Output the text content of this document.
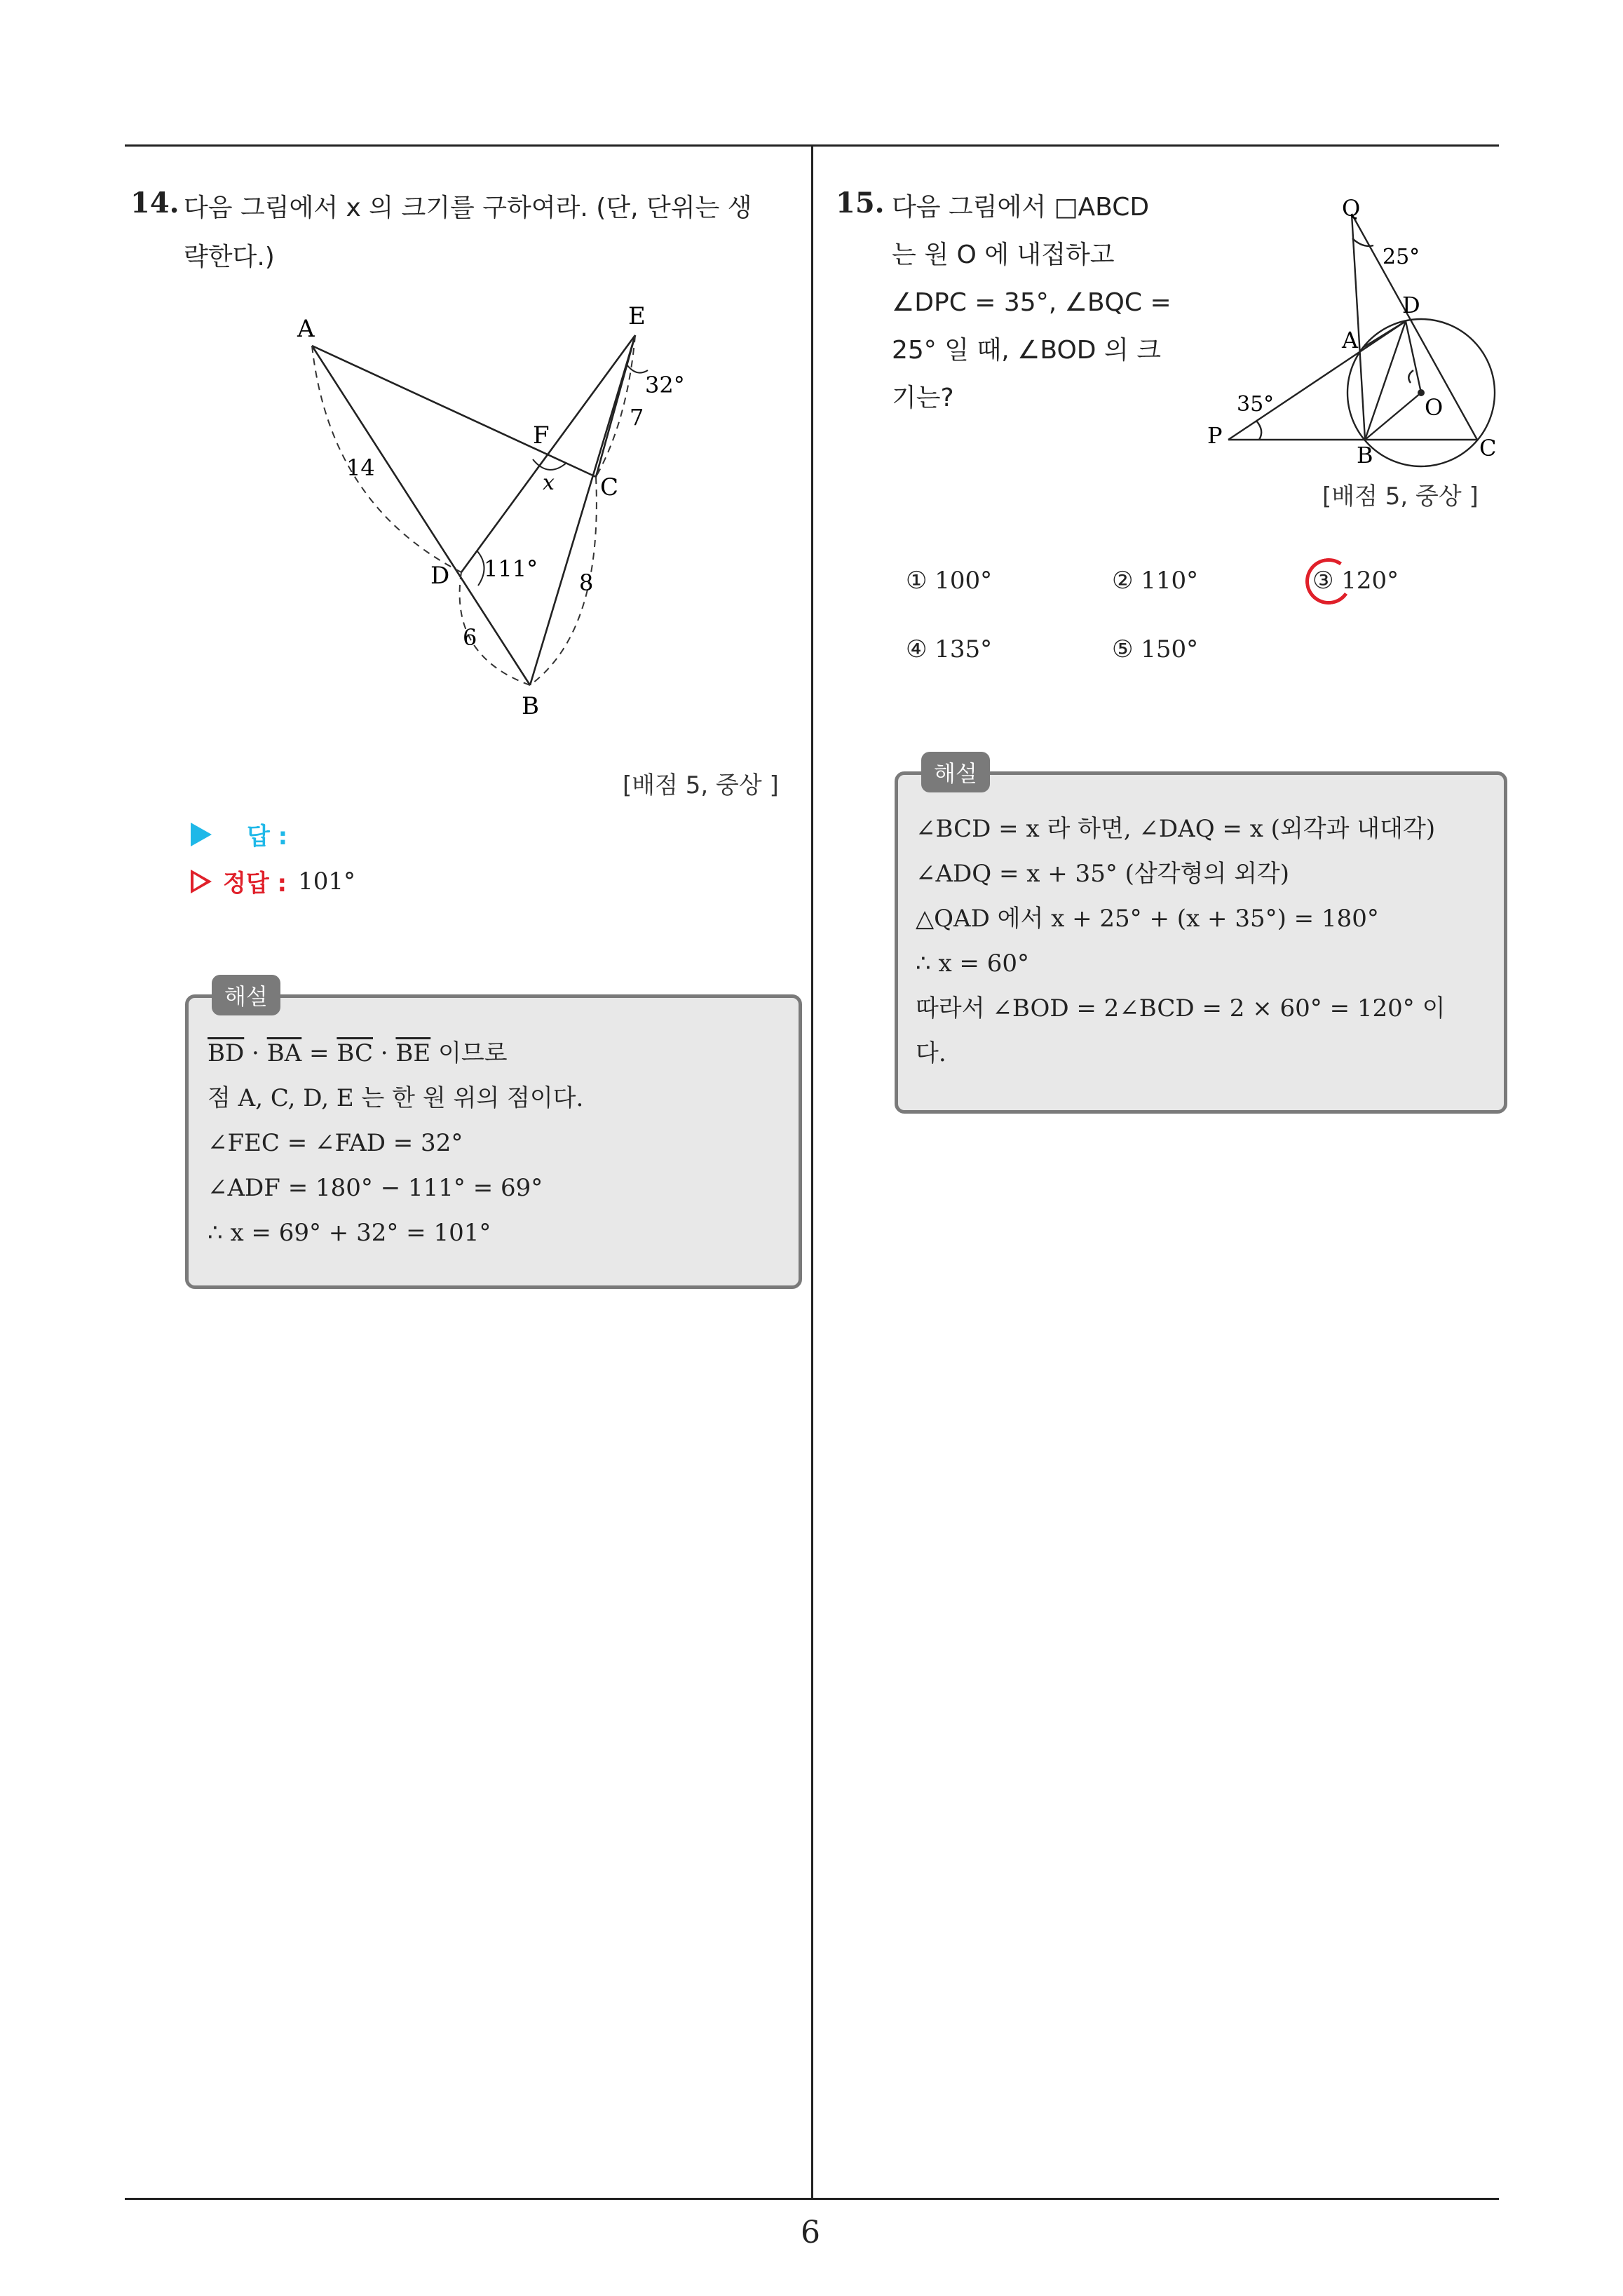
6
14. 다음 그림에서 x 의 크기를 구하여라. (단, 단위는 생
략한다.)
A	E
32°
7
F
14
x C
111°
D	8
6
B
[배점 5, 중상 ]
답 :
정답 : 101°
해설
$\overline{BD} \cdot \overline{BA} = \overline{BC} \cdot \overline{BE}$ 이므로
점 A, C, D, E 는 한 원 위의 점이다.
∠FEC = ∠FAD = 32°
∠ADF = 180° − 111° = 69°
∴ x = 69° + 32° = 101°
15. 다음 그림에서 □ABCD
는 원 O 에 내접하고
∠DPC = 35°, ∠BQC =
25° 일 때, ∠BOD 의 크
기는?
Q
25°
D
A
O
35°
P
B	C
[배점 5, 중상 ]
① 100°	② 110°	③ 120°
④ 135°	⑤ 150°
해설
∠BCD = x 라 하면, ∠DAQ = x (외각과 내대각)
∠ADQ = x + 35° (삼각형의 외각)
△QAD 에서 x + 25° + (x + 35°) = 180°
∴ x = 60°
따라서 ∠BOD = 2∠BCD = 2 × 60° = 120° 이
다.
